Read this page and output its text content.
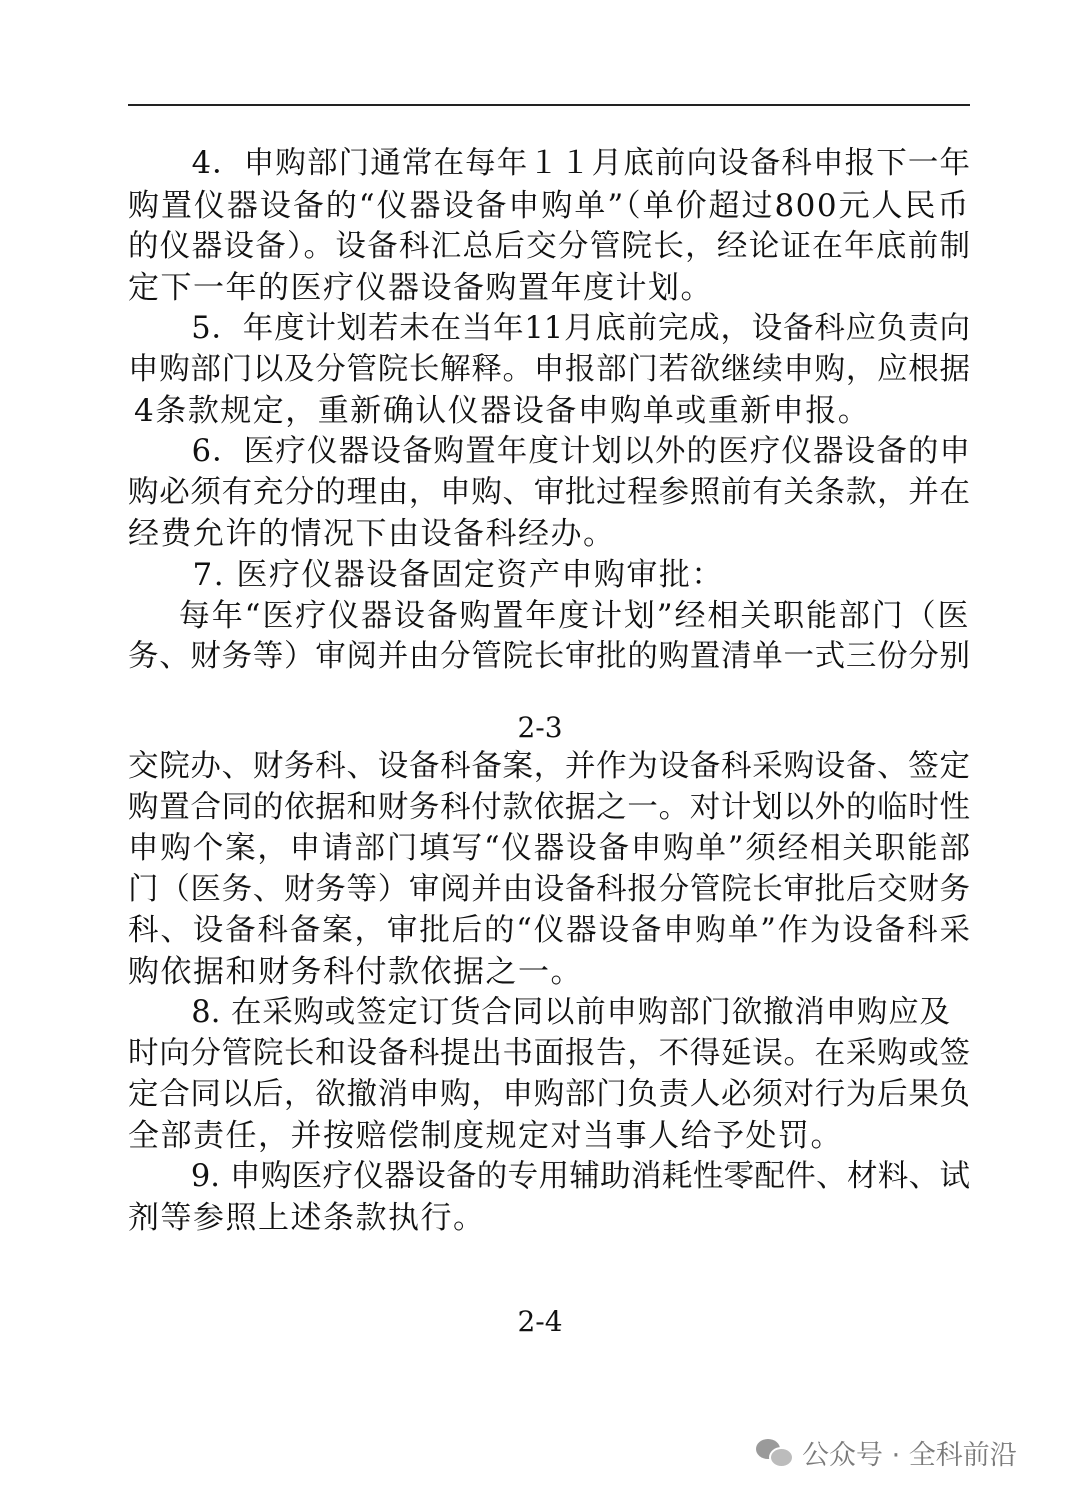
　4．申购部门通常在每年１１月底前向设备科申报下一年
购置仪器设备的“仪器设备申购单”（单价超过800元人民币
的仪器设备）。设备科汇总后交分管院长，经论证在年底前制
定下一年的医疗仪器设备购置年度计划。
　5．年度计划若未在当年11月底前完成，设备科应负责向
申购部门以及分管院长解释。申报部门若欲继续申购，应根据
4条款规定，重新确认仪器设备申购单或重新申报。
　6．医疗仪器设备购置年度计划以外的医疗仪器设备的申
购必须有充分的理由，申购、审批过程参照前有关条款，并在
经费允许的情况下由设备科经办。
　7. 医疗仪器设备固定资产申购审批：
　每年“医疗仪器设备购置年度计划”经相关职能部门（医
务、财务等）审阅并由分管院长审批的购置清单一式三份分别
2-3
交院办、财务科、设备科备案，并作为设备科采购设备、签定
购置合同的依据和财务科付款依据之一。对计划以外的临时性
申购个案，申请部门填写“仪器设备申购单”须经相关职能部
门（医务、财务等）审阅并由设备科报分管院长审批后交财务
科、设备科备案，审批后的“仪器设备申购单”作为设备科采
购依据和财务科付款依据之一。
　8. 在采购或签定订货合同以前申购部门欲撤消申购应及
时向分管院长和设备科提出书面报告，不得延误。在采购或签
定合同以后，欲撤消申购，申购部门负责人必须对行为后果负
全部责任，并按赔偿制度规定对当事人给予处罚。
　9. 申购医疗仪器设备的专用辅助消耗性零配件、材料、试
剂等参照上述条款执行。
2-4
公众号 · 全科前沿
